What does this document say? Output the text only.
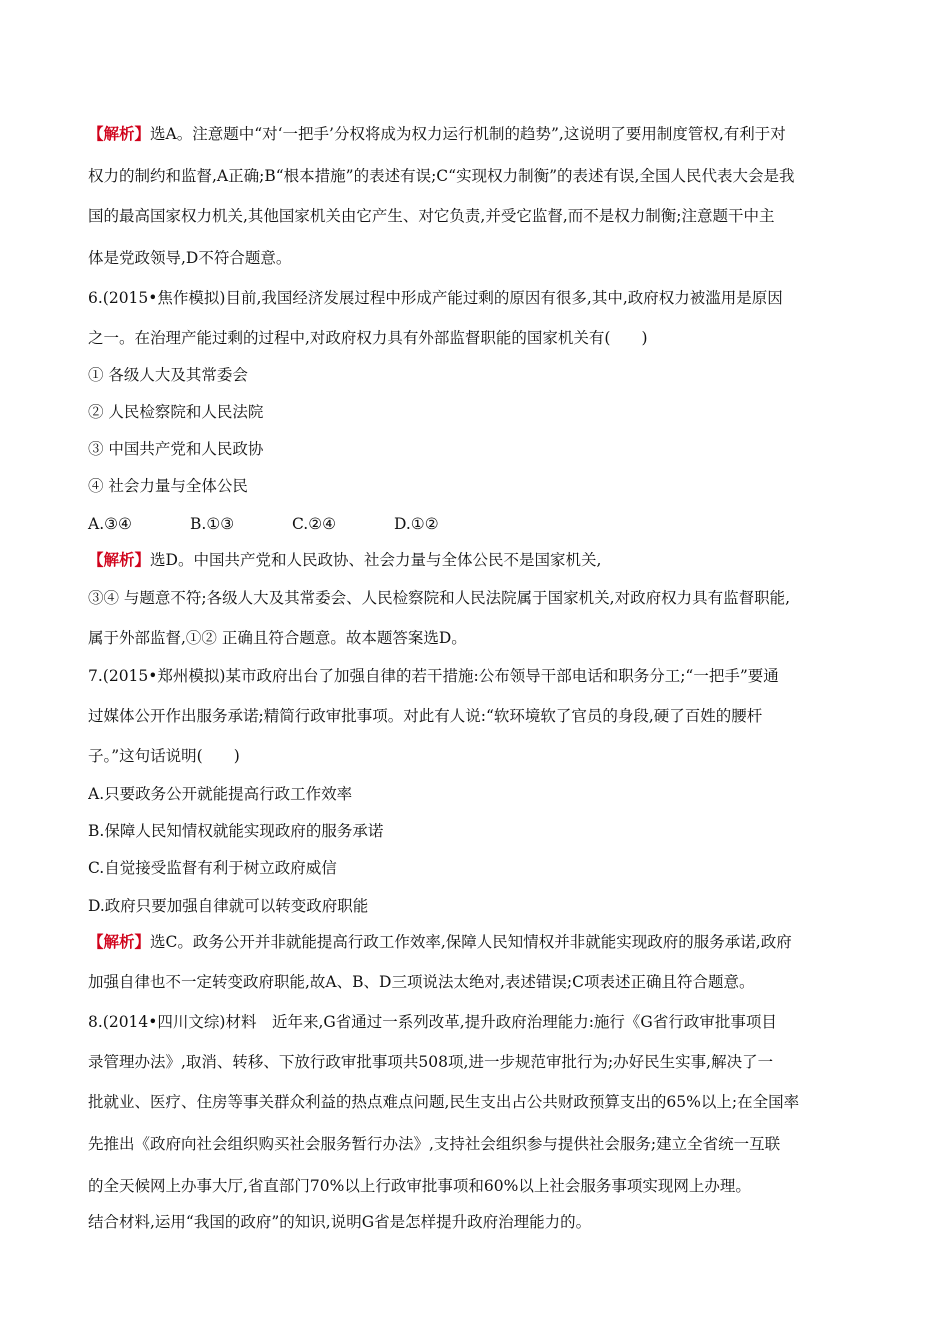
【解析】选A。注意题中“对‘一把手’分权将成为权力运行机制的趋势”,这说明了要用制度管权,有利于对
权力的制约和监督,A正确;B“根本措施”的表述有误;C“实现权力制衡”的表述有误,全国人民代表大会是我
国的最高国家权力机关,其他国家机关由它产生、对它负责,并受它监督,而不是权力制衡;注意题干中主
体是党政领导,D不符合题意。
6.(2015•焦作模拟)目前,我国经济发展过程中形成产能过剩的原因有很多,其中,政府权力被滥用是原因
之一。在治理产能过剩的过程中,对政府权力具有外部监督职能的国家机关有(　　)
① 各级人大及其常委会
② 人民检察院和人民法院
③ 中国共产党和人民政协
④ 社会力量与全体公民
A.③④	B.①③	C.②④	D.①②
【解析】选D。中国共产党和人民政协、社会力量与全体公民不是国家机关,
③④ 与题意不符;各级人大及其常委会、人民检察院和人民法院属于国家机关,对政府权力具有监督职能,
属于外部监督,①② 正确且符合题意。故本题答案选D。
7.(2015•郑州模拟)某市政府出台了加强自律的若干措施:公布领导干部电话和职务分工;“一把手”要通
过媒体公开作出服务承诺;精简行政审批事项。对此有人说:“软环境软了官员的身段,硬了百姓的腰杆
子。”这句话说明(　　)
A.只要政务公开就能提高行政工作效率
B.保障人民知情权就能实现政府的服务承诺
C.自觉接受监督有利于树立政府威信
D.政府只要加强自律就可以转变政府职能
【解析】选C。政务公开并非就能提高行政工作效率,保障人民知情权并非就能实现政府的服务承诺,政府
加强自律也不一定转变政府职能,故A、B、D三项说法太绝对,表述错误;C项表述正确且符合题意。
8.(2014•四川文综)材料　近年来,G省通过一系列改革,提升政府治理能力:施行《G省行政审批事项目
录管理办法》,取消、转移、下放行政审批事项共508项,进一步规范审批行为;办好民生实事,解决了一
批就业、医疗、住房等事关群众利益的热点难点问题,民生支出占公共财政预算支出的65%以上;在全国率
先推出《政府向社会组织购买社会服务暂行办法》,支持社会组织参与提供社会服务;建立全省统一互联
的全天候网上办事大厅,省直部门70%以上行政审批事项和60%以上社会服务事项实现网上办理。
结合材料,运用“我国的政府”的知识,说明G省是怎样提升政府治理能力的。
